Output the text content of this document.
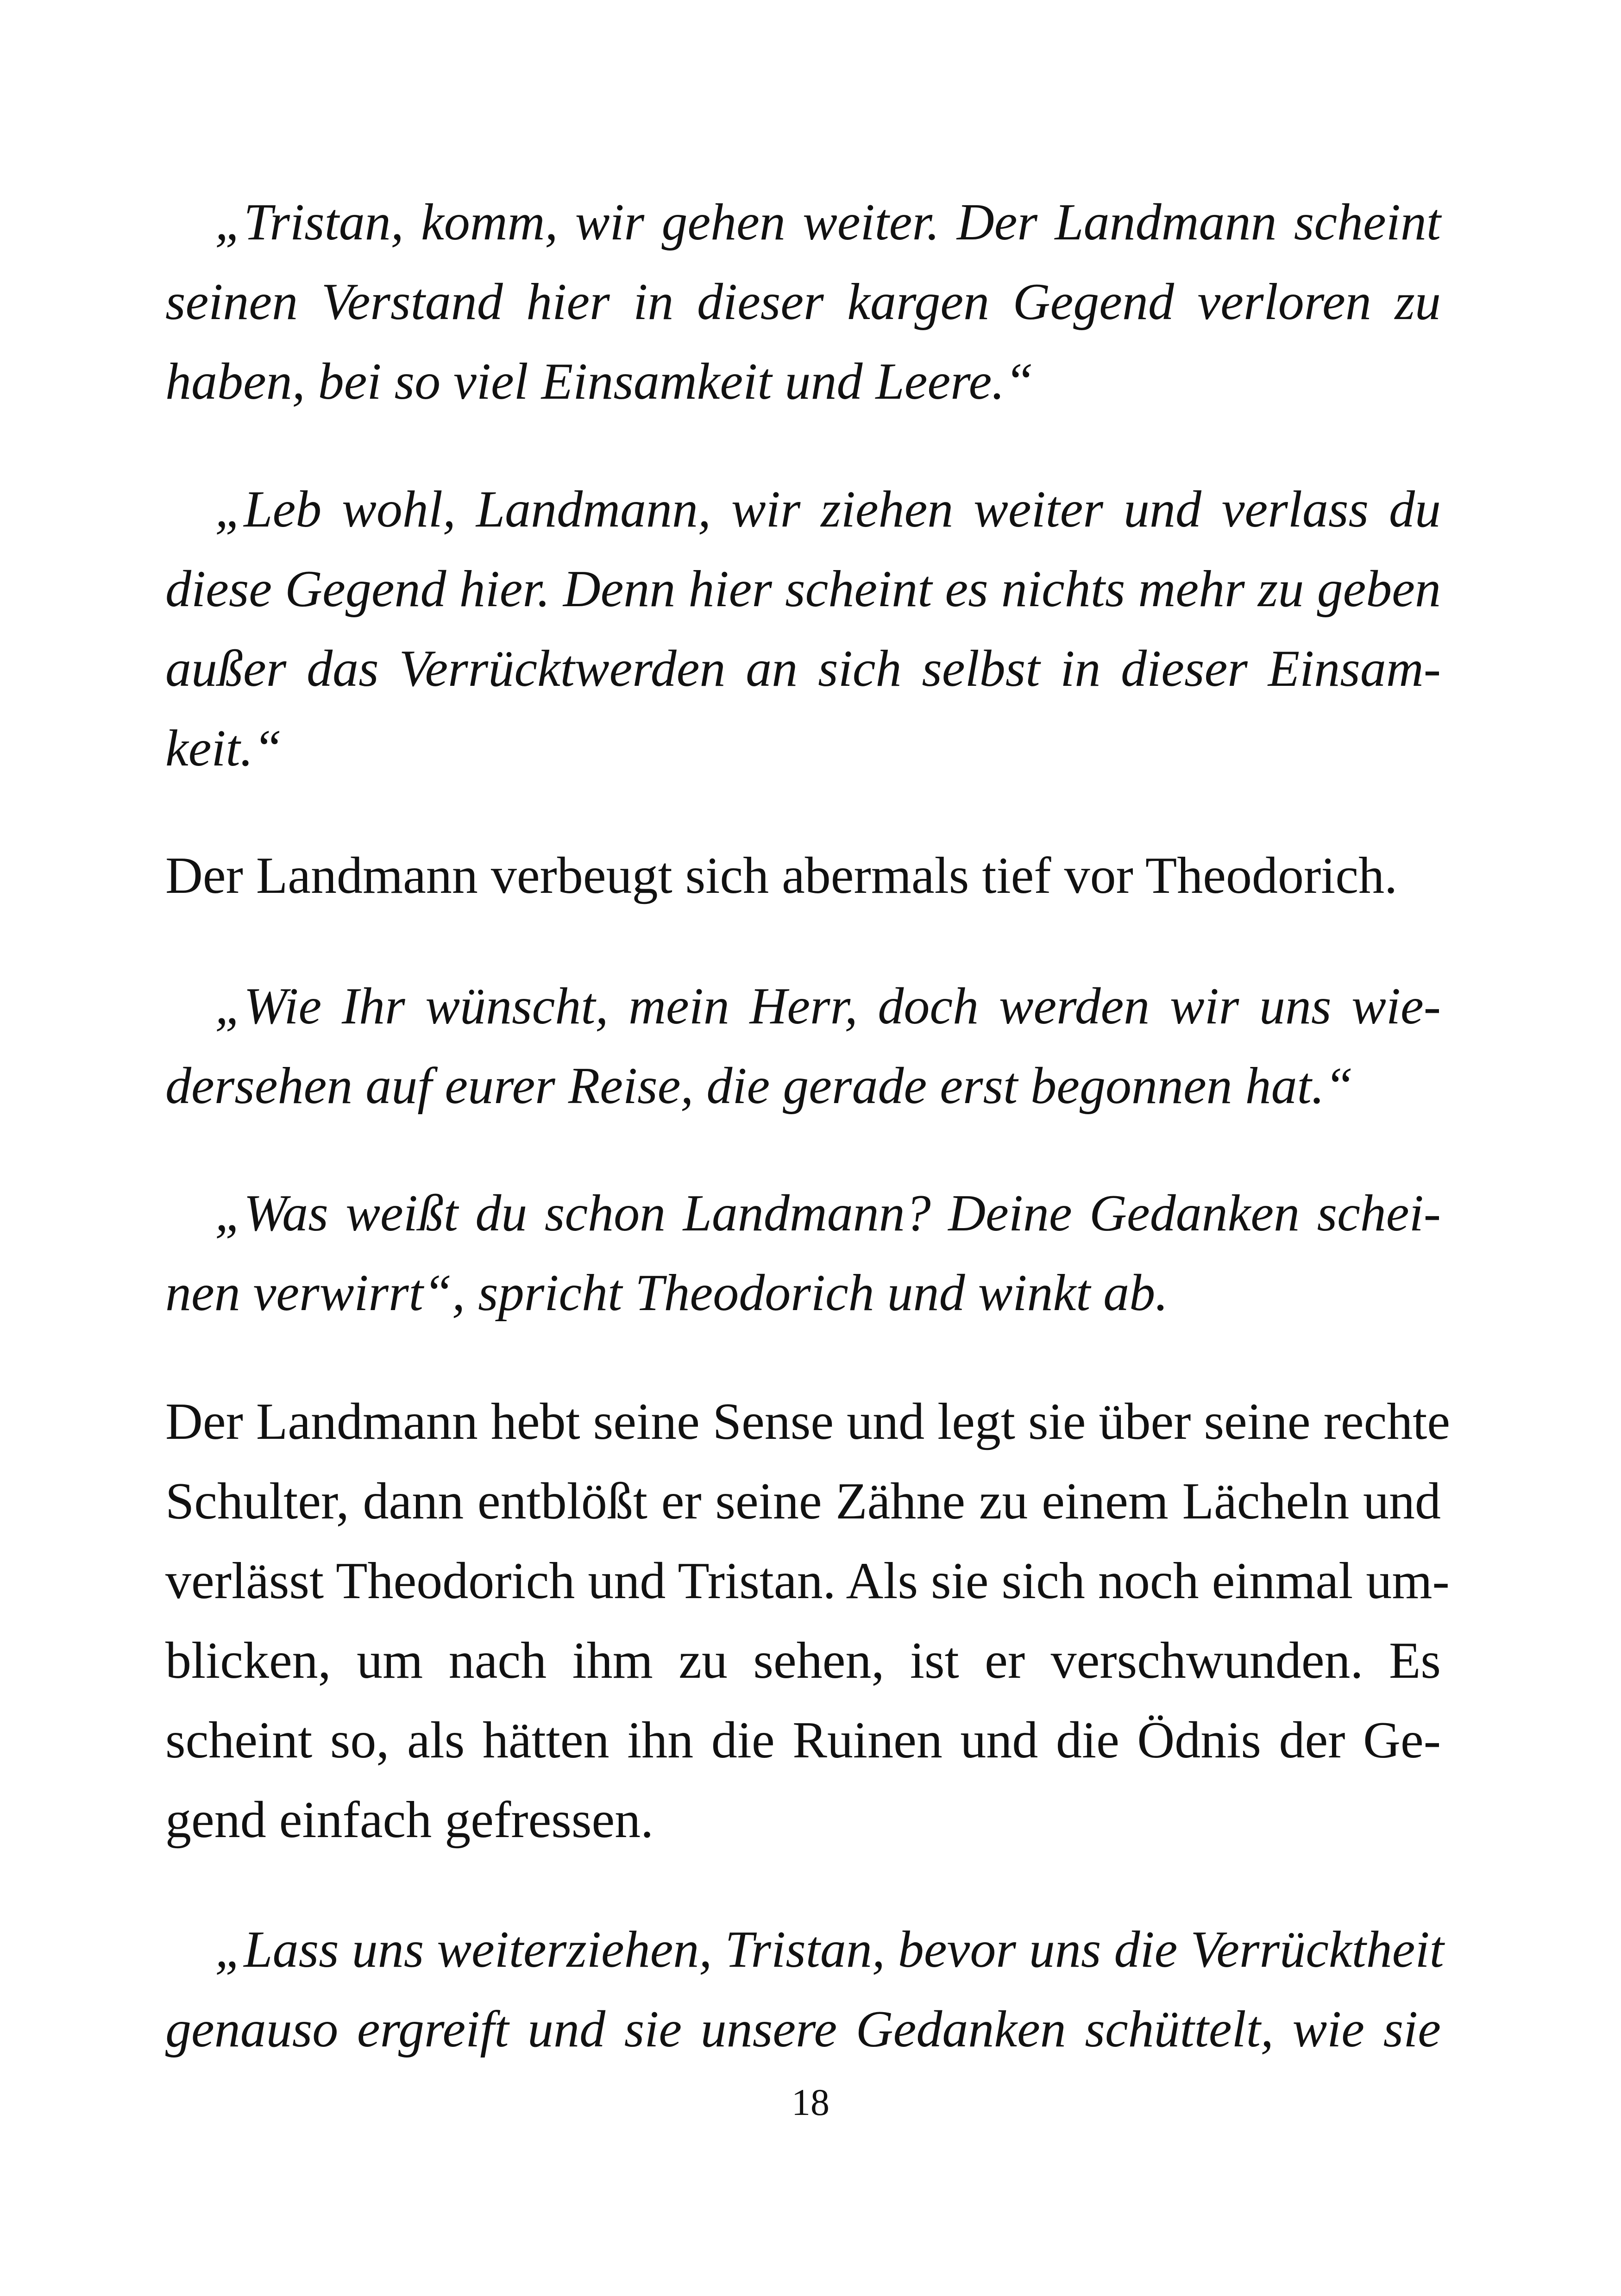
„Tristan, komm, wir gehen weiter. Der Landmann scheint
seinen Verstand hier in dieser kargen Gegend verloren zu
haben, bei so viel Einsamkeit und Leere.“
„Leb wohl, Landmann, wir ziehen weiter und verlass du
diese Gegend hier. Denn hier scheint es nichts mehr zu geben
außer das Verrücktwerden an sich selbst in dieser Einsam-
keit.“
Der Landmann verbeugt sich abermals tief vor Theodorich.
„Wie Ihr wünscht, mein Herr, doch werden wir uns wie-
dersehen auf eurer Reise, die gerade erst begonnen hat.“
„Was weißt du schon Landmann? Deine Gedanken schei-
nen verwirrt“, spricht Theodorich und winkt ab.
Der Landmann hebt seine Sense und legt sie über seine rechte
Schulter, dann entblößt er seine Zähne zu einem Lächeln und
verlässt Theodorich und Tristan. Als sie sich noch einmal um-
blicken, um nach ihm zu sehen, ist er verschwunden. Es
scheint so, als hätten ihn die Ruinen und die Ödnis der Ge-
gend einfach gefressen.
„Lass uns weiterziehen, Tristan, bevor uns die Verrücktheit
genauso ergreift und sie unsere Gedanken schüttelt, wie sie
18
